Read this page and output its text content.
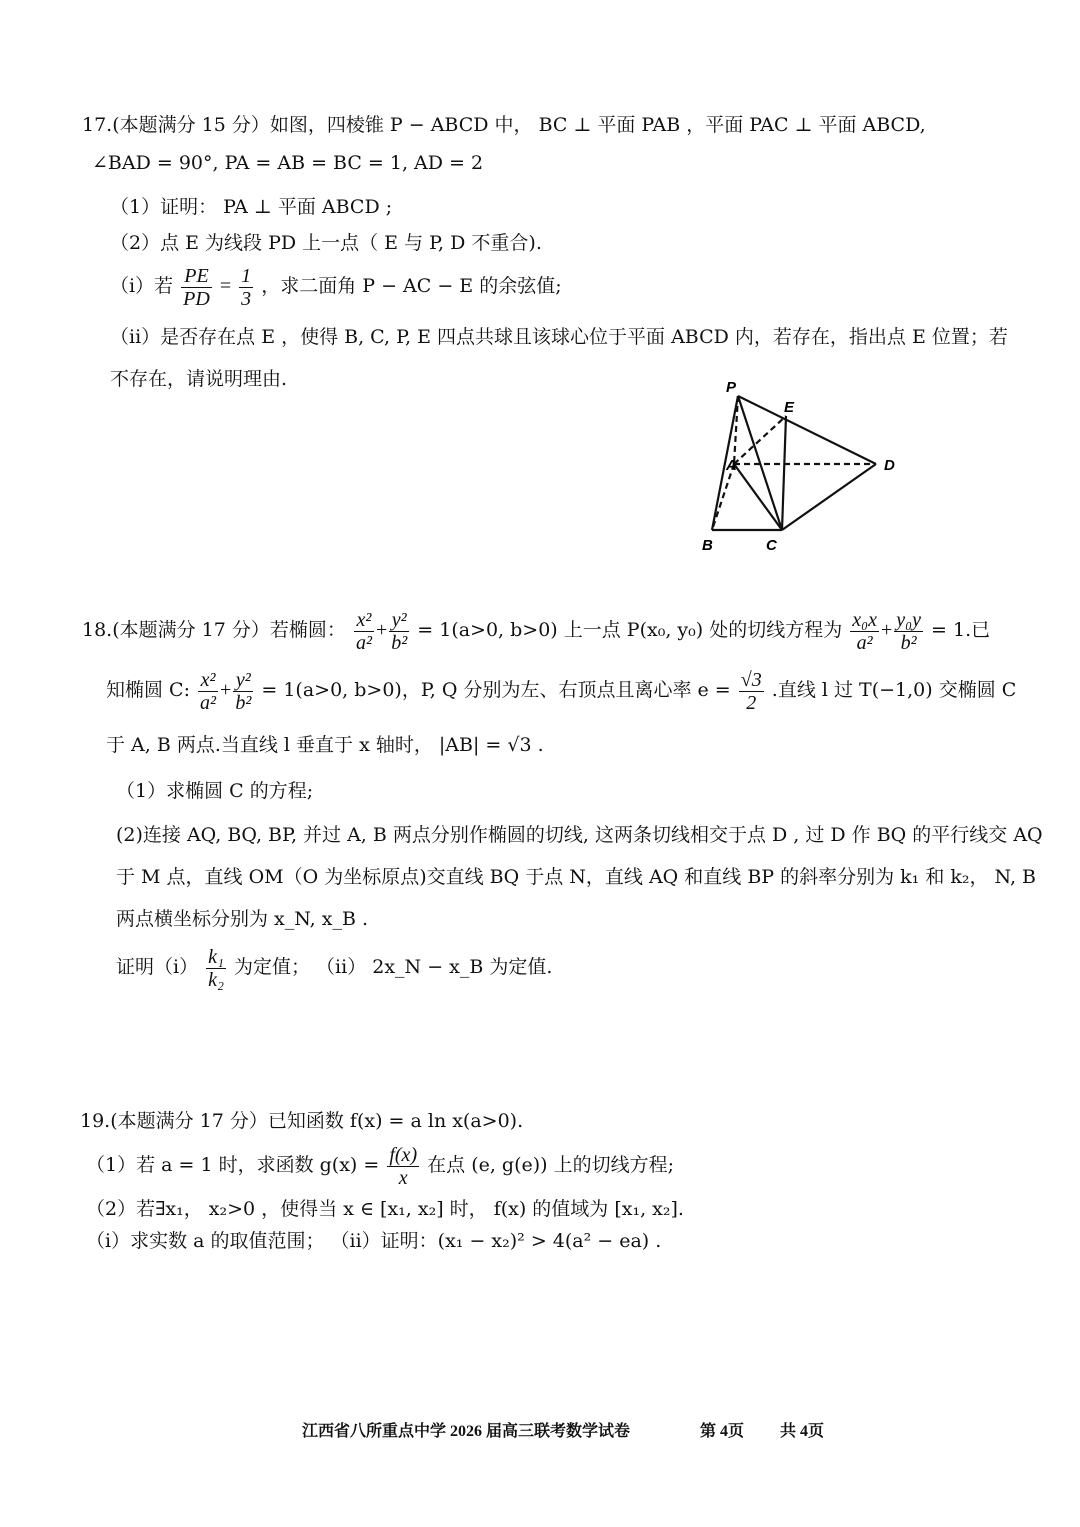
17.(本题满分 15 分）如图，四棱锥 P − ABCD 中， BC ⊥ 平面 PAB ，平面 PAC ⊥ 平面 ABCD,
∠BAD = 90°, PA = AB = BC = 1, AD = 2
（1）证明： PA ⊥ 平面 ABCD ;
（2）点 E 为线段 PD 上一点（ E 与 P, D 不重合).
（i）若 $\frac{PE}{PD} = \frac{1}{3}$ ，求二面角 P − AC − E 的余弦值;
（ii）是否存在点 E ，使得 B, C, P, E 四点共球且该球心位于平面 ABCD 内，若存在，指出点 E 位置；若
不存在，请说明理由.	P
E
A	D
B	C
18.(本题满分 17 分）若椭圆： $\frac{\text{x²}}{\text{a²}} + \frac{\text{y²}}{\text{b²}} = 1(a>0$, b>0) 上一点 P(x₀, y₀) 处的切线方程为 $\frac{\text{x₀x}}{\text{a²}} + \frac{\text{y₀y}}{\text{b²}} = 1$.已
知椭圆 C: $\frac{\text{x²}}{\text{a²}} + \frac{\text{y²}}{\text{b²}} = 1(a>0$, b>0)，P, Q 分别为左、右顶点且离心率 $e = \frac{√3}{2}$ .直线 l 过 T(−1,0) 交椭圆 C
于 A, B 两点.当直线 l 垂直于 x 轴时， |AB| = √3 .
（1）求椭圆 C 的方程;
(2)连接 AQ, BQ, BP, 并过 A, B 两点分别作椭圆的切线, 这两条切线相交于点 D , 过 D 作 BQ 的平行线交 AQ
于 M 点，直线 OM（O 为坐标原点)交直线 BQ 于点 N，直线 AQ 和直线 BP 的斜率分别为 k₁ 和 k₂， N, B
两点横坐标分别为 x_N, x_B .
证明$(i) \frac{\text{k₁}}{\text{k₂}}$ 为定值； （ii） 2x_N − x_B 为定值.
19.(本题满分 17 分）已知函数 f(x) = a ln x(a>0).
（1）若 a = 1 时，求函数 $g(x) = \frac{f(x)}{x}$ 在点 (e, g(e)) 上的切线方程;
（2）若∃x₁， x₂>0 ，使得当 x ∈ [x₁, x₂] 时， f(x) 的值域为 [x₁, x₂].
（i）求实数 a 的取值范围； （ii）证明：(x₁ − x₂)² > 4(a² − ea) .
江西省八所重点中学 2026 届高三联考数学试卷	第 4页 共 4页
